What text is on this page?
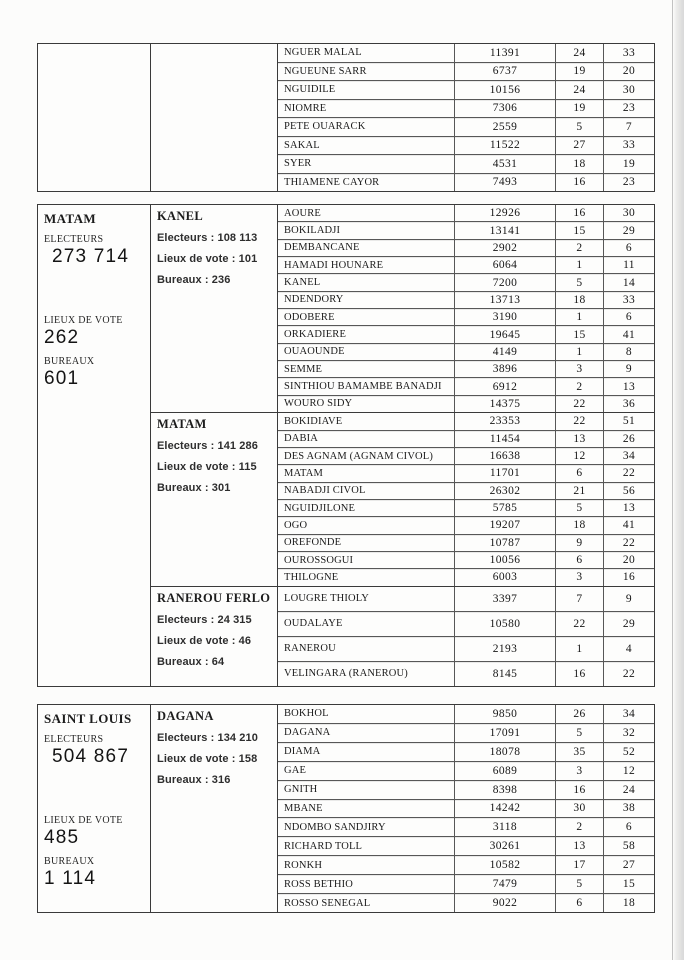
NGUER MALAL	11391	24	33
NGUEUNE SARR	6737	19	20
NGUIDILE	10156	24	30
NIOMRE	7306	19	23
PETE OUARACK	2559	5	7
SAKAL	11522	27	33
SYER	4531	18	19
THIAMENE CAYOR	7493	16	23
MATAM
ELECTEURS
273 714
LIEUX DE VOTE
262
BUREAUX
601
KANEL
Electeurs : 108 113
Lieux de vote : 101
Bureaux : 236
AOURE	12926	16	30
BOKILADJI	13141	15	29
DEMBANCANE	2902	2	6
HAMADI HOUNARE	6064	1	11
KANEL	7200	5	14
NDENDORY	13713	18	33
ODOBERE	3190	1	6
ORKADIERE	19645	15	41
OUAOUNDE	4149	1	8
SEMME	3896	3	9
SINTHIOU BAMAMBE BANADJI	6912	2	13
WOURO SIDY	14375	22	36
MATAM
Electeurs : 141 286
Lieux de vote : 115
Bureaux : 301
BOKIDIAVE	23353	22	51
DABIA	11454	13	26
DES AGNAM (AGNAM CIVOL)	16638	12	34
MATAM	11701	6	22
NABADJI CIVOL	26302	21	56
NGUIDJILONE	5785	5	13
OGO	19207	18	41
OREFONDE	10787	9	22
OUROSSOGUI	10056	6	20
THILOGNE	6003	3	16
RANEROU FERLO
Electeurs : 24 315
Lieux de vote : 46
Bureaux : 64
LOUGRE THIOLY	3397	7	9
OUDALAYE	10580	22	29
RANEROU	2193	1	4
VELINGARA (RANEROU)	8145	16	22
SAINT LOUIS
ELECTEURS
504 867
LIEUX DE VOTE
485
BUREAUX
1 114
DAGANA
Electeurs : 134 210
Lieux de vote : 158
Bureaux : 316
BOKHOL	9850	26	34
DAGANA	17091	5	32
DIAMA	18078	35	52
GAE	6089	3	12
GNITH	8398	16	24
MBANE	14242	30	38
NDOMBO SANDJIRY	3118	2	6
RICHARD TOLL	30261	13	58
RONKH	10582	17	27
ROSS BETHIO	7479	5	15
ROSSO SENEGAL	9022	6	18
